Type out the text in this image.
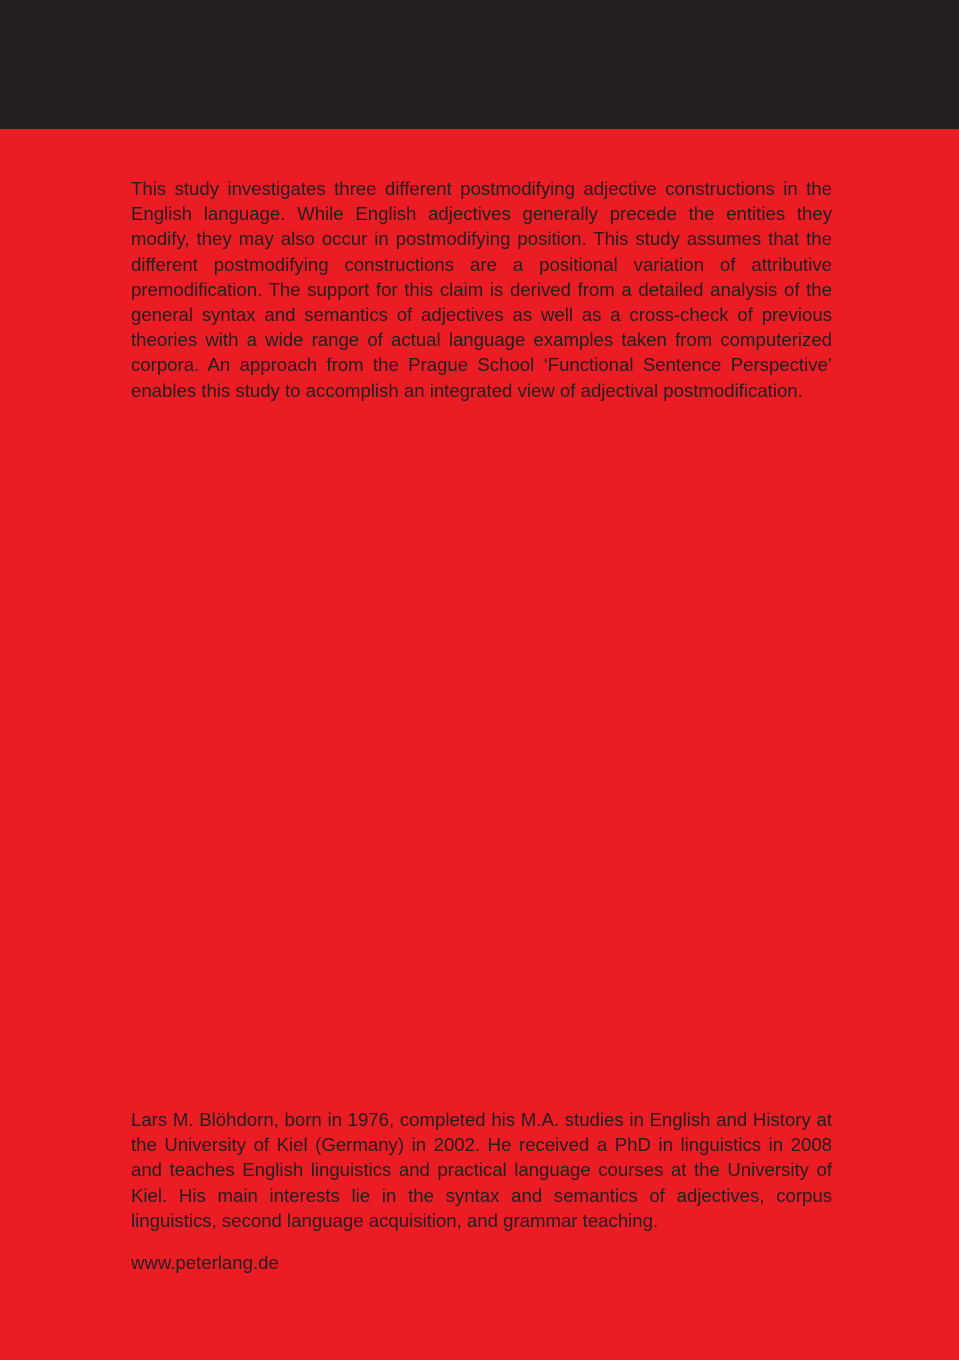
This study investigates three different postmodifying adjective constructions in the English language. While English adjectives generally precede the entities they modify, they may also occur in postmodifying position. This study assumes that the different postmodifying constructions are a positional variation of attributive premodification. The support for this claim is derived from a detailed analysis of the general syntax and semantics of adjectives as well as a cross-check of previous theories with a wide range of actual language examples taken from computerized corpora. An approach from the Prague School ‘Functional Sentence Perspective’ enables this study to accomplish an integrated view of adjectival postmodification.

Lars M. Blöhdorn, born in 1976, completed his M.A. studies in English and History at the University of Kiel (Germany) in 2002. He received a PhD in linguistics in 2008 and teaches English linguistics and practical language courses at the University of Kiel. His main interests lie in the syntax and semantics of adjectives, corpus linguistics, second language acquisition, and grammar teaching.

www.peterlang.de
